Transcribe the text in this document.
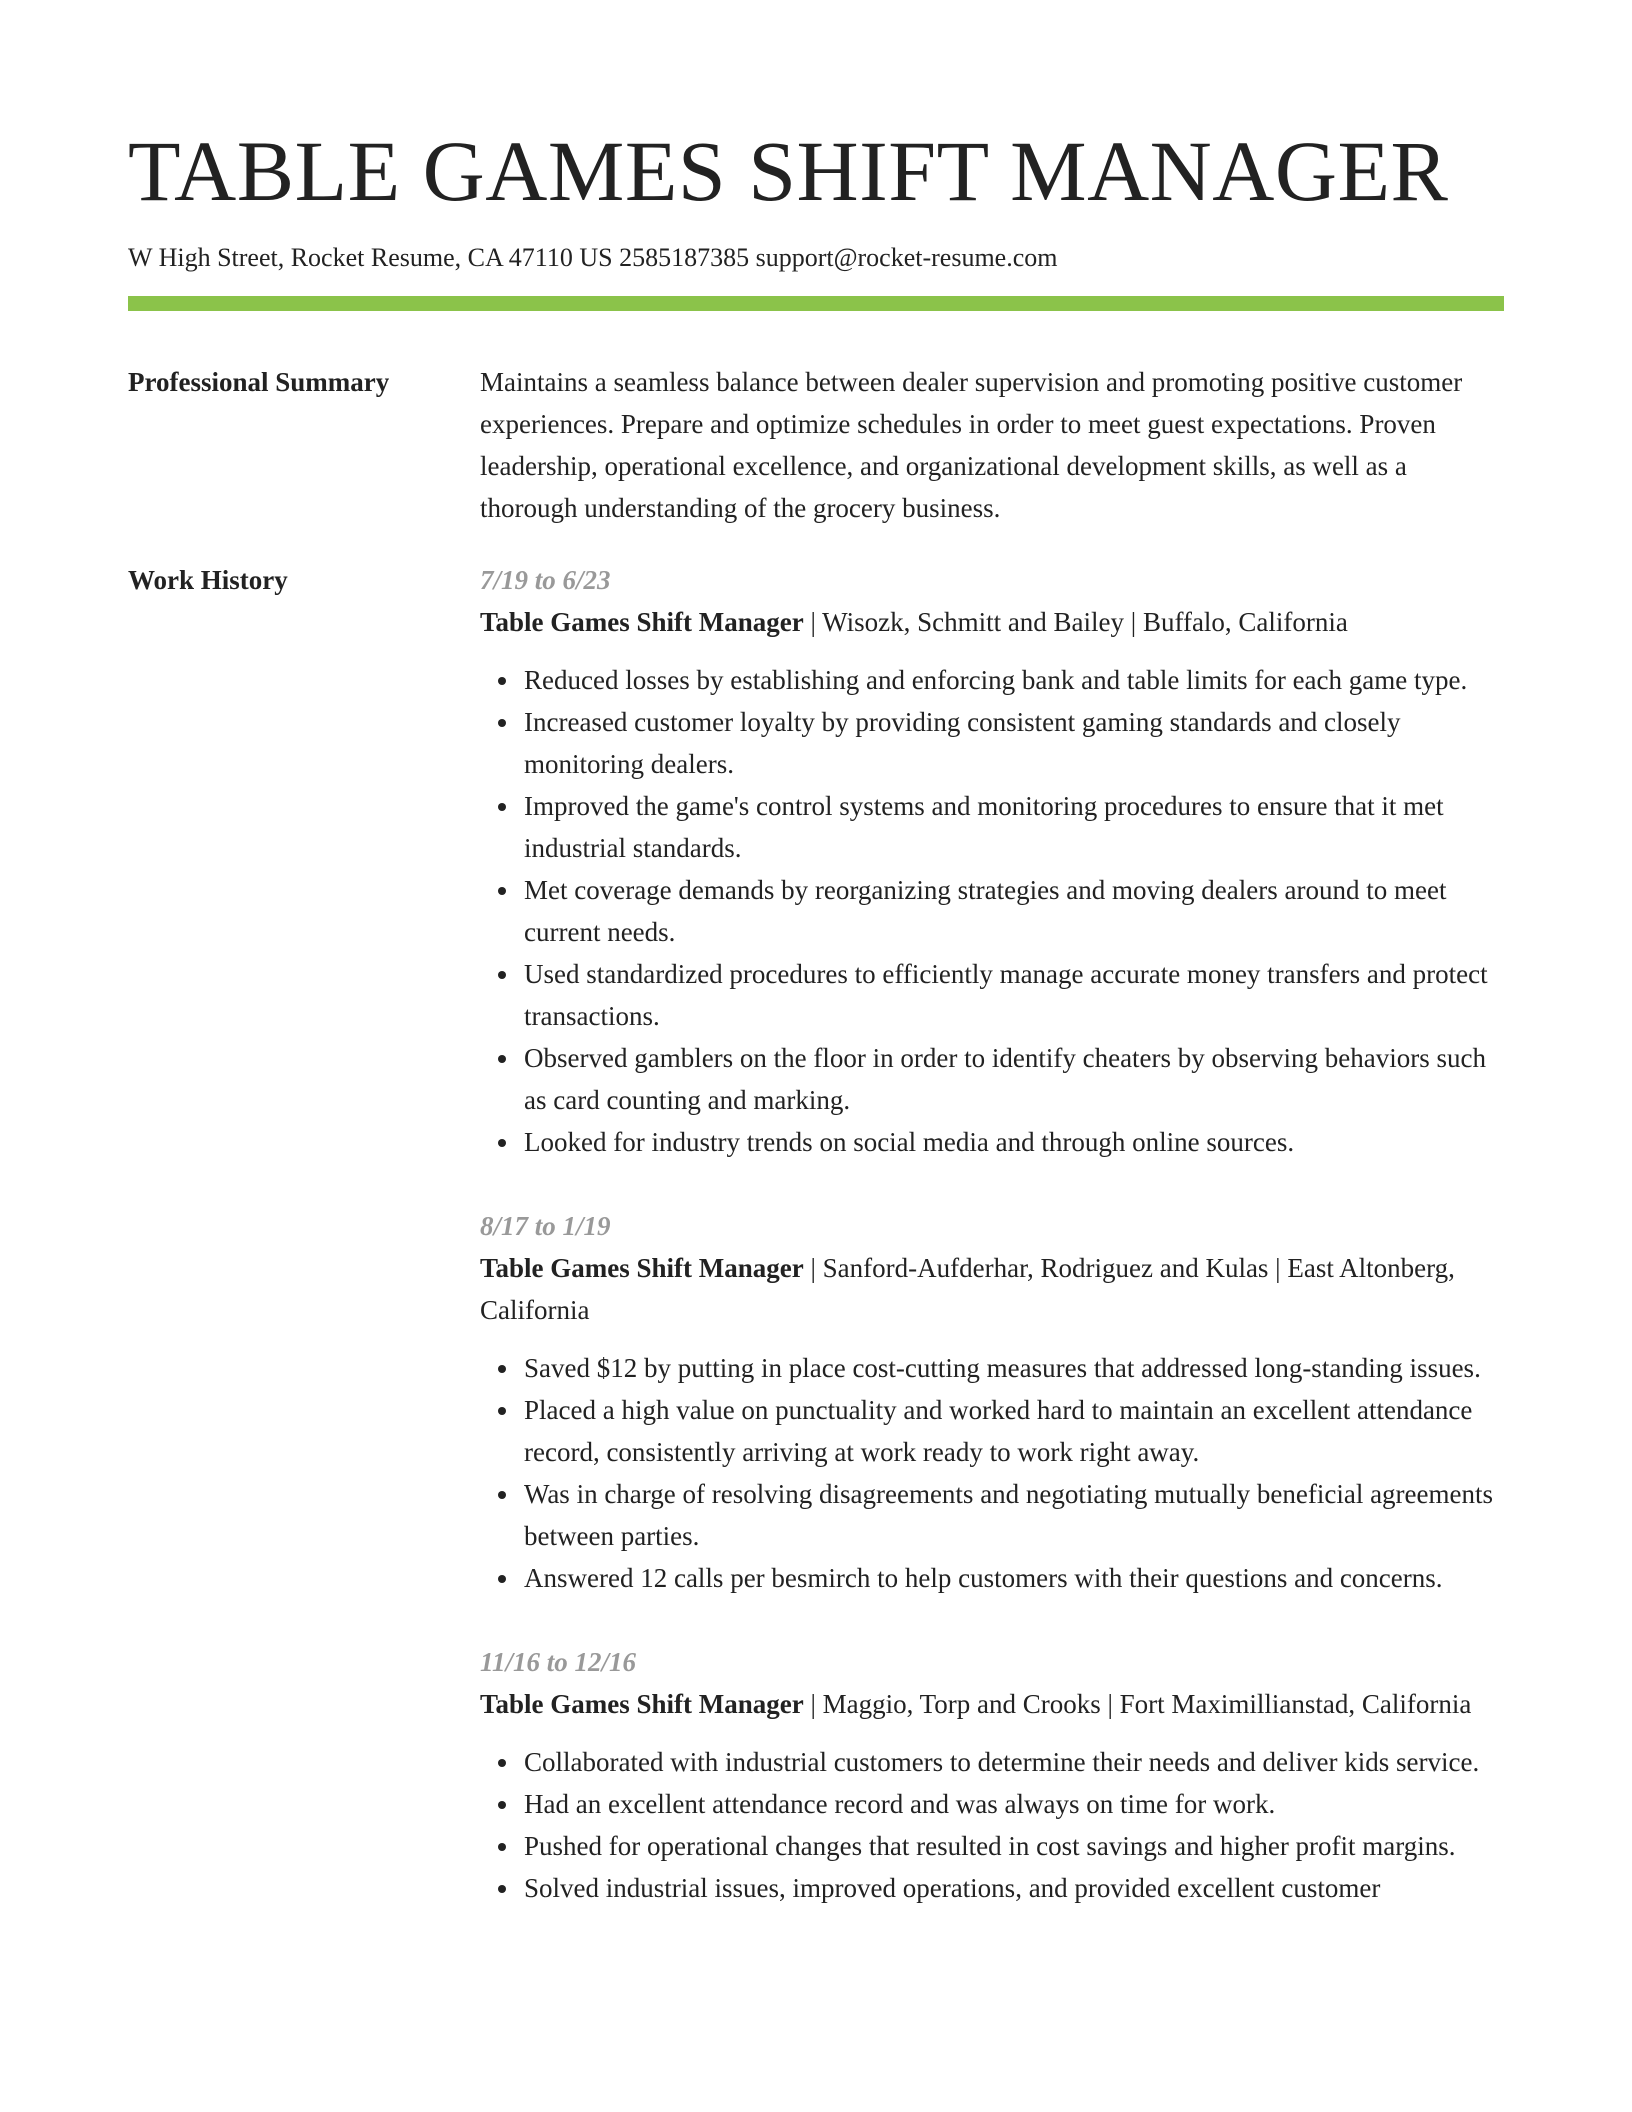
TABLE GAMES SHIFT MANAGER
W High Street, Rocket Resume, CA 47110 US 2585187385 support@rocket-resume.com
Professional Summary	Maintains a seamless balance between dealer supervision and promoting positive customer experiences. Prepare and optimize schedules in order to meet guest expectations. Proven leadership, operational excellence, and organizational development skills, as well as a thorough understanding of the grocery business.

Work History	7/19 to 6/23
Table Games Shift Manager | Wisozk, Schmitt and Bailey | Buffalo, California
Reduced losses by establishing and enforcing bank and table limits for each game type.
Increased customer loyalty by providing consistent gaming standards and closely monitoring dealers.
Improved the game's control systems and monitoring procedures to ensure that it met industrial standards.
Met coverage demands by reorganizing strategies and moving dealers around to meet current needs.
Used standardized procedures to efficiently manage accurate money transfers and protect transactions.
Observed gamblers on the floor in order to identify cheaters by observing behaviors such as card counting and marking.
Looked for industry trends on social media and through online sources.
8/17 to 1/19
Table Games Shift Manager | Sanford-Aufderhar, Rodriguez and Kulas | East Altonberg, California
Saved $12 by putting in place cost-cutting measures that addressed long-standing issues.
Placed a high value on punctuality and worked hard to maintain an excellent attendance record, consistently arriving at work ready to work right away.
Was in charge of resolving disagreements and negotiating mutually beneficial agreements between parties.
Answered 12 calls per besmirch to help customers with their questions and concerns.
11/16 to 12/16
Table Games Shift Manager | Maggio, Torp and Crooks | Fort Maximillianstad, California
Collaborated with industrial customers to determine their needs and deliver kids service.
Had an excellent attendance record and was always on time for work.
Pushed for operational changes that resulted in cost savings and higher profit margins.
Solved industrial issues, improved operations, and provided excellent customer
